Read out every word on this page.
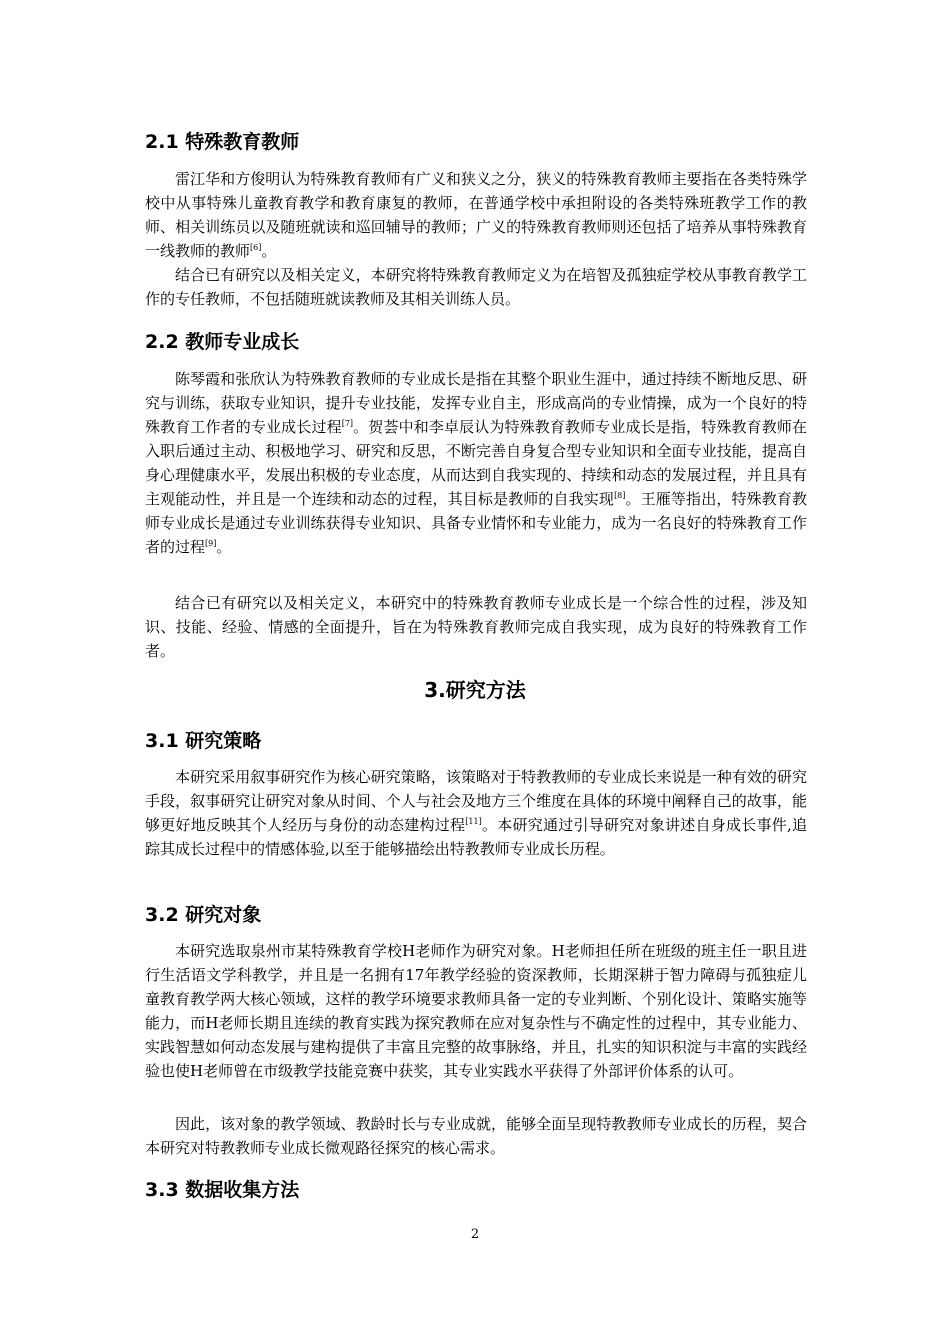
2.1 特殊教育教师

雷江华和方俊明认为特殊教育教师有广义和狭义之分，狭义的特殊教育教师主要指在各类特殊学校中从事特殊儿童教育教学和教育康复的教师，在普通学校中承担附设的各类特殊班教学工作的教师、相关训练员以及随班就读和巡回辅导的教师；广义的特殊教育教师则还包括了培养从事特殊教育一线教师的教师[6]。

结合已有研究以及相关定义，本研究将特殊教育教师定义为在培智及孤独症学校从事教育教学工作的专任教师，不包括随班就读教师及其相关训练人员。

2.2 教师专业成长

陈琴霞和张欣认为特殊教育教师的专业成长是指在其整个职业生涯中，通过持续不断地反思、研究与训练，获取专业知识，提升专业技能，发挥专业自主，形成高尚的专业情操，成为一个良好的特殊教育工作者的专业成长过程[7]。贺荟中和李卓辰认为特殊教育教师专业成长是指，特殊教育教师在入职后通过主动、积极地学习、研究和反思，不断完善自身复合型专业知识和全面专业技能，提高自身心理健康水平，发展出积极的专业态度，从而达到自我实现的、持续和动态的发展过程，并且具有主观能动性，并且是一个连续和动态的过程，其目标是教师的自我实现[8]。王雁等指出，特殊教育教师专业成长是通过专业训练获得专业知识、具备专业情怀和专业能力，成为一名良好的特殊教育工作者的过程[9]。

结合已有研究以及相关定义，本研究中的特殊教育教师专业成长是一个综合性的过程，涉及知识、技能、经验、情感的全面提升，旨在为特殊教育教师完成自我实现，成为良好的特殊教育工作者。

3.研究方法
3.1 研究策略

本研究采用叙事研究作为核心研究策略，该策略对于特教教师的专业成长来说是一种有效的研究手段，叙事研究让研究对象从时间、个人与社会及地方三个维度在具体的环境中阐释自己的故事，能够更好地反映其个人经历与身份的动态建构过程[11]。本研究通过引导研究对象讲述自身成长事件,追踪其成长过程中的情感体验,以至于能够描绘出特教教师专业成长历程。

3.2 研究对象

本研究选取泉州市某特殊教育学校H老师作为研究对象。H老师担任所在班级的班主任一职且进行生活语文学科教学，并且是一名拥有17年教学经验的资深教师，长期深耕于智力障碍与孤独症儿童教育教学两大核心领域，这样的教学环境要求教师具备一定的专业判断、个别化设计、策略实施等能力，而H老师长期且连续的教育实践为探究教师在应对复杂性与不确定性的过程中，其专业能力、实践智慧如何动态发展与建构提供了丰富且完整的故事脉络，并且，扎实的知识积淀与丰富的实践经验也使H老师曾在市级教学技能竞赛中获奖，其专业实践水平获得了外部评价体系的认可。

因此，该对象的教学领域、教龄时长与专业成就，能够全面呈现特教教师专业成长的历程，契合本研究对特教教师专业成长微观路径探究的核心需求。

3.3 数据收集方法
2
